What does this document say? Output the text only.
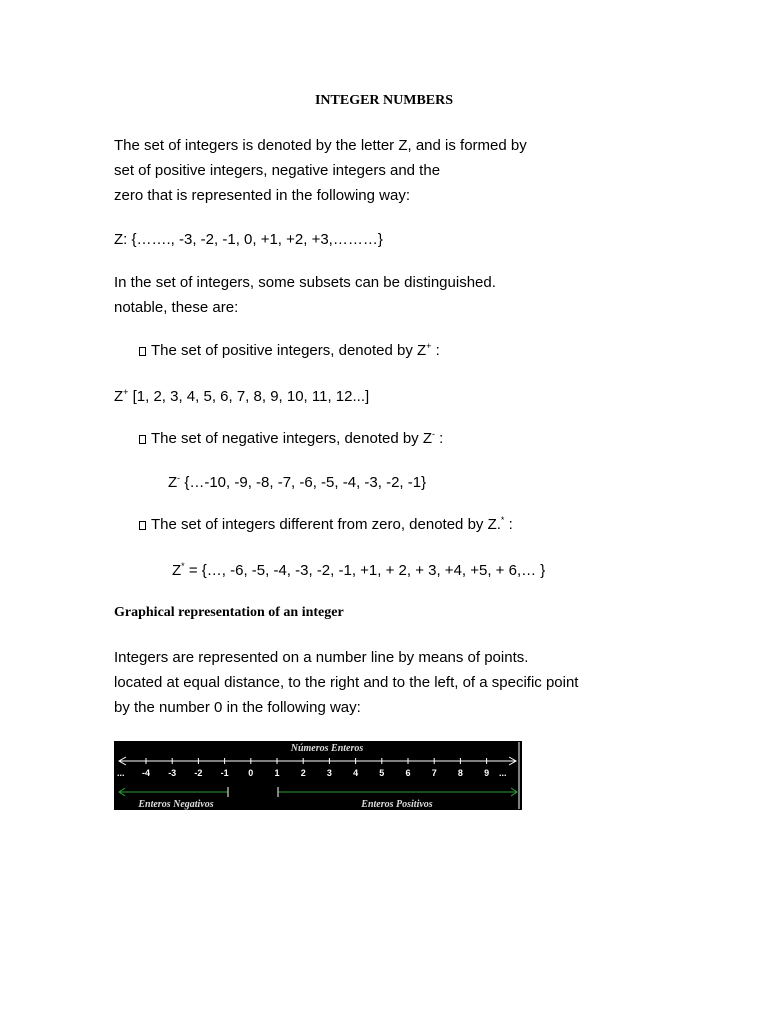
INTEGER NUMBERS

The set of integers is denoted by the letter Z, and is formed by

set of positive integers, negative integers and the

zero that is represented in the following way:

Z: {……., -3, -2, -1, 0, +1, +2, +3,………}

In the set of integers, some subsets can be distinguished.

notable, these are:

The set of positive integers, denoted by Z+ :

Z+ [1, 2, 3, 4, 5, 6, 7, 8, 9, 10, 11, 12...]

The set of negative integers, denoted by Z- :

Z- {…-10, -9, -8, -7, -6, -5, -4, -3, -2, -1}

The set of integers different from zero, denoted by Z.* :

Z* = {…, -6, -5, -4, -3, -2, -1, +1, + 2, + 3, +4, +5, + 6,… }

Graphical representation of an integer

Integers are represented on a number line by means of points.

located at equal distance, to the right and to the left, of a specific point

by the number 0 in the following way:

Números Enteros
-4 -3 -2 -1 0 1 2 3 4 5 6 7 8 9
...	...
Enteros Negativos	Enteros Positivos
